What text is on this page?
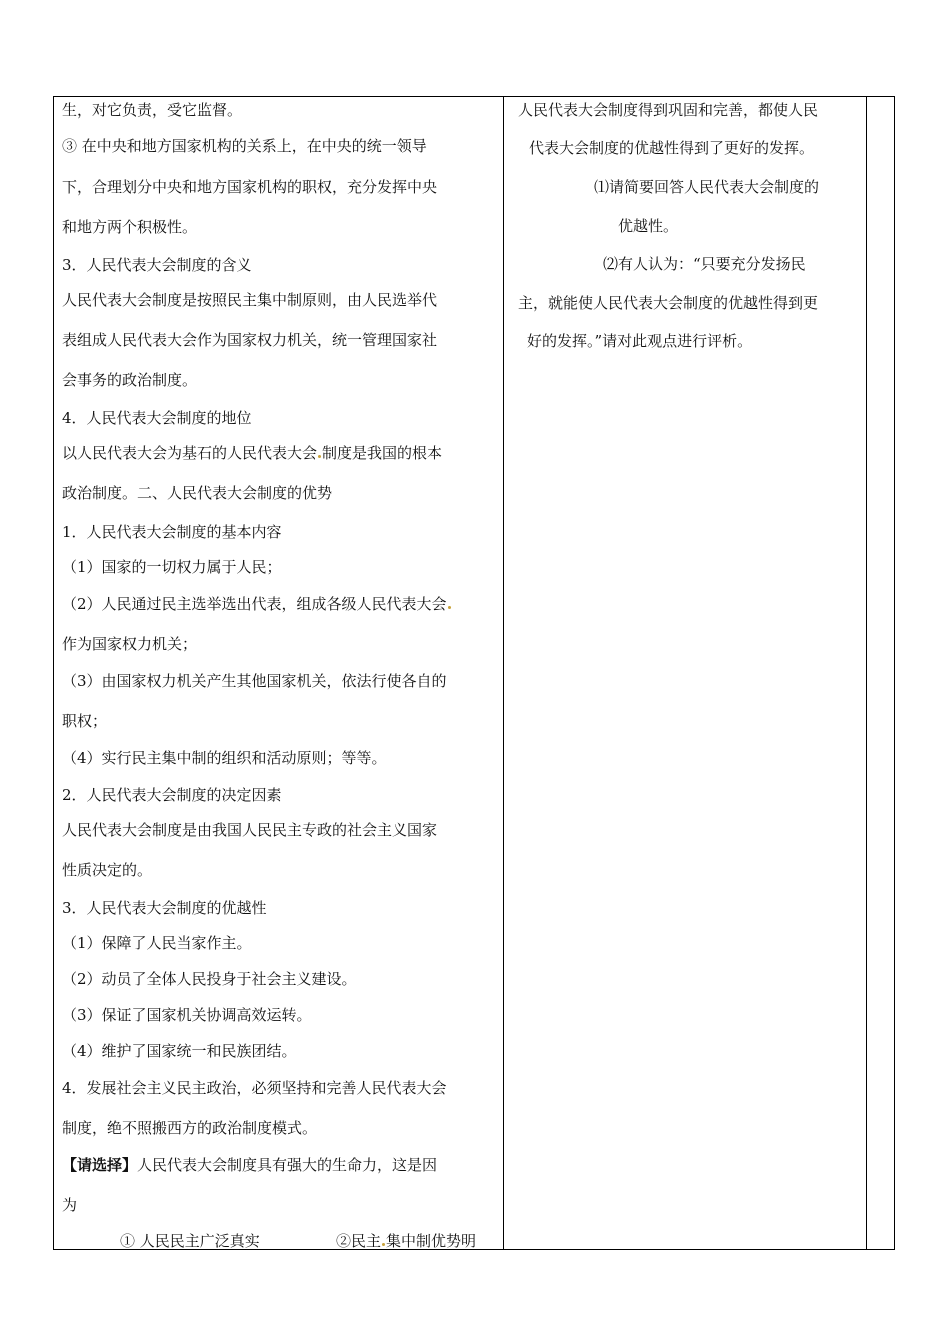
生，对它负责，受它监督。
③ 在中央和地方国家机构的关系上，在中央的统一领导
下，合理划分中央和地方国家机构的职权，充分发挥中央
和地方两个积极性。
3．人民代表大会制度的含义
人民代表大会制度是按照民主集中制原则，由人民选举代
表组成人民代表大会作为国家权力机关，统一管理国家社
会事务的政治制度。
4．人民代表大会制度的地位
以人民代表大会为基石的人民代表大会 制度是我国的根本
政治制度。二、人民代表大会制度的优势
1．人民代表大会制度的基本内容
（1）国家的一切权力属于人民；
（2）人民通过民主选举选出代表，组成各级人民代表大会
作为国家权力机关；
（3）由国家权力机关产生其他国家机关，依法行使各自的
职权；
（4）实行民主集中制的组织和活动原则；等等。
2．人民代表大会制度的决定因素
人民代表大会制度是由我国人民民主专政的社会主义国家
性质决定的。
3．人民代表大会制度的优越性
（1）保障了人民当家作主。
（2）动员了全体人民投身于社会主义建设。
（3）保证了国家机关协调高效运转。
（4）维护了国家统一和民族团结。
4．发展社会主义民主政治，必须坚持和完善人民代表大会
制度，绝不照搬西方的政治制度模式。
【请选择】人民代表大会制度具有强大的生命力，这是因
为
① 人民民主广泛真实	②民主 集中制优势明
人民代表大会制度得到巩固和完善，都使人民
代表大会制度的优越性得到了更好的发挥。
⑴请简要回答人民代表大会制度的
优越性。
⑵有人认为：“只要充分发扬民
主，就能使人民代表大会制度的优越性得到更
好的发挥。”请对此观点进行评析。
